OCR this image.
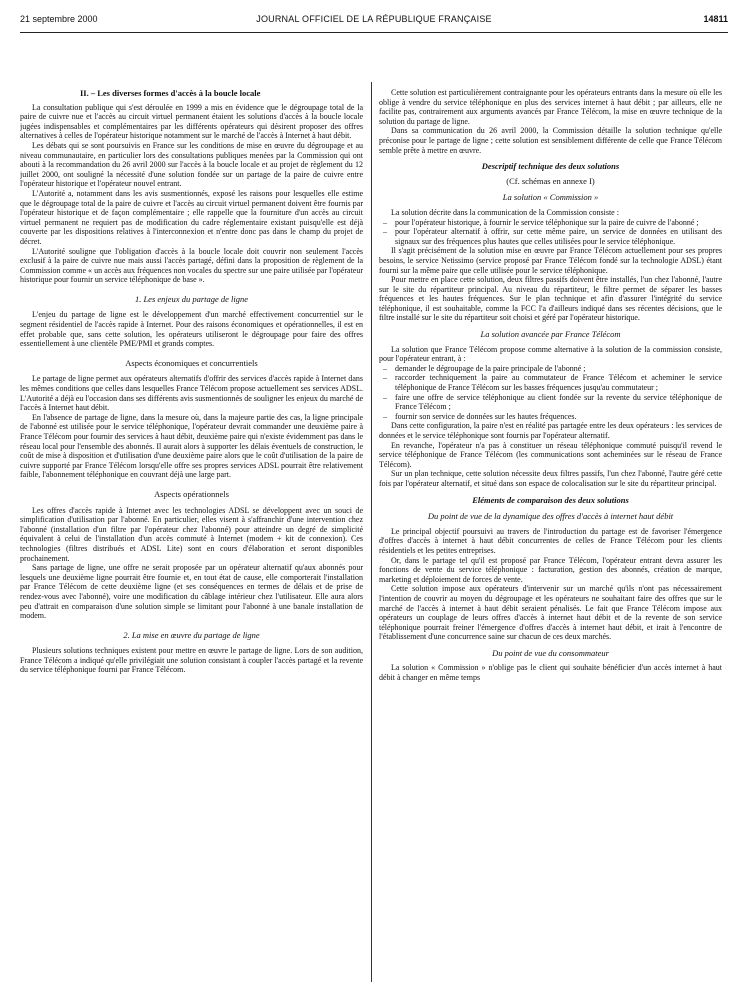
21 septembre 2000	JOURNAL OFFICIEL DE LA RÉPUBLIQUE FRANÇAISE	14811
II. – Les diverses formes d'accès à la boucle locale

La consultation publique qui s'est déroulée en 1999 a mis en évidence que le dégroupage total de la paire de cuivre nue et l'accès au circuit virtuel permanent étaient les solutions d'accès à la boucle locale jugées indispensables et complémentaires par les différents opérateurs qui désirent proposer des offres alternatives à celles de l'opérateur historique notamment sur le marché de l'accès à Internet à haut débit.

Les débats qui se sont poursuivis en France sur les conditions de mise en œuvre du dégroupage et au niveau communautaire, en particulier lors des consultations publiques menées par la Commission qui ont abouti à la recommandation du 26 avril 2000 sur l'accès à la boucle locale et au projet de règlement du 12 juillet 2000, ont souligné la nécessité d'une solution fondée sur un partage de la paire de cuivre entre l'opérateur historique et l'opérateur nouvel entrant.

L'Autorité a, notamment dans les avis susmentionnés, exposé les raisons pour lesquelles elle estime que le dégroupage total de la paire de cuivre et l'accès au circuit virtuel permanent doivent être fournis par l'opérateur historique et de façon complémentaire ; elle rappelle que la fourniture d'un accès au circuit virtuel permanent ne requiert pas de modification du cadre réglementaire existant puisqu'elle est déjà couverte par les dispositions relatives à l'interconnexion et n'entre donc pas dans le champ du projet de décret.

L'Autorité souligne que l'obligation d'accès à la boucle locale doit couvrir non seulement l'accès exclusif à la paire de cuivre nue mais aussi l'accès partagé, défini dans la proposition de règlement de la Commission comme « un accès aux fréquences non vocales du spectre sur une paire utilisée par l'opérateur historique pour fournir un service téléphonique de base ».

1. Les enjeux du partage de ligne

L'enjeu du partage de ligne est le développement d'un marché effectivement concurrentiel sur le segment résidentiel de l'accès rapide à Internet. Pour des raisons économiques et opérationnelles, il est en effet probable que, sans cette solution, les opérateurs utiliseront le dégroupage pour faire des offres essentiellement à une clientèle PME/PMI et grands comptes.

Aspects économiques et concurrentiels

Le partage de ligne permet aux opérateurs alternatifs d'offrir des services d'accès rapide à Internet dans les mêmes conditions que celles dans lesquelles France Télécom propose actuellement ses services ADSL. L'Autorité a déjà eu l'occasion dans ses différents avis susmentionnés de souligner les enjeux du marché de l'accès à Internet haut débit.

En l'absence de partage de ligne, dans la mesure où, dans la majeure partie des cas, la ligne principale de l'abonné est utilisée pour le service téléphonique, l'opérateur devrait commander une deuxième paire à France Télécom pour fournir des services à haut débit, deuxième paire qui n'existe évidemment pas dans le réseau local pour l'ensemble des abonnés. Il aurait alors à supporter les délais éventuels de construction, le coût de mise à disposition et d'utilisation d'une deuxième paire alors que le coût d'utilisation de la paire de cuivre supporté par France Télécom lorsqu'elle offre ses propres services ADSL pourrait être relativement faible, l'abonnement téléphonique en couvrant déjà une large part.

Aspects opérationnels

Les offres d'accès rapide à Internet avec les technologies ADSL se développent avec un souci de simplification d'utilisation par l'abonné. En particulier, elles visent à s'affranchir d'une intervention chez l'abonné (installation d'un filtre par l'opérateur chez l'abonné) pour atteindre un degré de simplicité équivalent à celui de l'installation d'un accès commuté à Internet (modem + kit de connexion). Ces technologies (filtres distribués et ADSL Lite) sont en cours d'élaboration et seront disponibles prochainement.

Sans partage de ligne, une offre ne serait proposée par un opérateur alternatif qu'aux abonnés pour lesquels une deuxième ligne pourrait être fournie et, en tout état de cause, elle comporterait l'installation par France Télécom de cette deuxième ligne (et ses conséquences en termes de délais et de prise de rendez-vous avec l'abonné), voire une modification du câblage intérieur chez l'utilisateur. Elle aura alors peu d'attrait en comparaison d'une solution simple se limitant pour l'abonné à une banale installation de modem.

2. La mise en œuvre du partage de ligne

Plusieurs solutions techniques existent pour mettre en œuvre le partage de ligne. Lors de son audition, France Télécom a indiqué qu'elle privilégiait une solution consistant à coupler l'accès partagé et la revente du service téléphonique fourni par France Télécom.

Cette solution est particulièrement contraignante pour les opérateurs entrants dans la mesure où elle les oblige à vendre du service téléphonique en plus des services internet à haut débit ; par ailleurs, elle ne facilite pas, contrairement aux arguments avancés par France Télécom, la mise en œuvre technique de la solution du partage de ligne.

Dans sa communication du 26 avril 2000, la Commission détaille la solution technique qu'elle préconise pour le partage de ligne ; cette solution est sensiblement différente de celle que France Télécom semble prête à mettre en œuvre.

Descriptif technique des deux solutions
(Cf. schémas en annexe I)
La solution « Commission »

La solution décrite dans la communication de la Commission consiste :

– pour l'opérateur historique, à fournir le service téléphonique sur la paire de cuivre de l'abonné ;
– pour l'opérateur alternatif à offrir, sur cette même paire, un service de données en utilisant des signaux sur des fréquences plus hautes que celles utilisées pour le service téléphonique.

Il s'agit précisément de la solution mise en œuvre par France Télécom actuellement pour ses propres besoins, le service Netissimo (service proposé par France Télécom fondé sur la technologie ADSL) étant fourni sur la même paire que celle utilisée pour le service téléphonique.

Pour mettre en place cette solution, deux filtres passifs doivent être installés, l'un chez l'abonné, l'autre sur le site du répartiteur principal. Au niveau du répartiteur, le filtre permet de séparer les basses fréquences et les hautes fréquences. Sur le plan technique et afin d'assurer l'intégrité du service téléphonique, il est souhaitable, comme la FCC l'a d'ailleurs indiqué dans ses récentes décisions, que le filtre installé sur le site du répartiteur soit choisi et géré par l'opérateur historique.

La solution avancée par France Télécom

La solution que France Télécom propose comme alternative à la solution de la commission consiste, pour l'opérateur entrant, à :

– demander le dégroupage de la paire principale de l'abonné ;
– raccorder techniquement la paire au commutateur de France Télécom et acheminer le service téléphonique de France Télécom sur les basses fréquences jusqu'au commutateur ;
– faire une offre de service téléphonique au client fondée sur la revente du service téléphonique de France Télécom ;
– fournir son service de données sur les hautes fréquences.

Dans cette configuration, la paire n'est en réalité pas partagée entre les deux opérateurs : les services de données et le service téléphonique sont fournis par l'opérateur alternatif.

En revanche, l'opérateur n'a pas à constituer un réseau téléphonique commuté puisqu'il revend le service téléphonique de France Télécom (les communications sont acheminées sur le réseau de France Télécom).

Sur un plan technique, cette solution nécessite deux filtres passifs, l'un chez l'abonné, l'autre géré cette fois par l'opérateur alternatif, et situé dans son espace de colocalisation sur le site du répartiteur principal.

Eléments de comparaison des deux solutions
Du point de vue de la dynamique des offres d'accès à internet haut débit

Le principal objectif poursuivi au travers de l'introduction du partage est de favoriser l'émergence d'offres d'accès à internet à haut débit concurrentes de celles de France Télécom pour les clients résidentiels et les petites entreprises.

Or, dans le partage tel qu'il est proposé par France Télécom, l'opérateur entrant devra assurer les fonctions de vente du service téléphonique : facturation, gestion des abonnés, création de marque, marketing et déploiement de forces de vente.

Cette solution impose aux opérateurs d'intervenir sur un marché qu'ils n'ont pas nécessairement l'intention de couvrir au moyen du dégroupage et les opérateurs ne souhaitant faire des offres que sur le marché de l'accès à internet à haut débit seraient pénalisés. Le fait que France Télécom impose aux opérateurs un couplage de leurs offres d'accès à internet haut débit et de la revente de son service téléphonique pourrait freiner l'émergence d'offres d'accès à internet haut débit, et irait à l'encontre de l'établissement d'une concurrence saine sur chacun de ces deux marchés.

Du point de vue du consommateur

La solution « Commission » n'oblige pas le client qui souhaite bénéficier d'un accès internet à haut débit à changer en même temps
